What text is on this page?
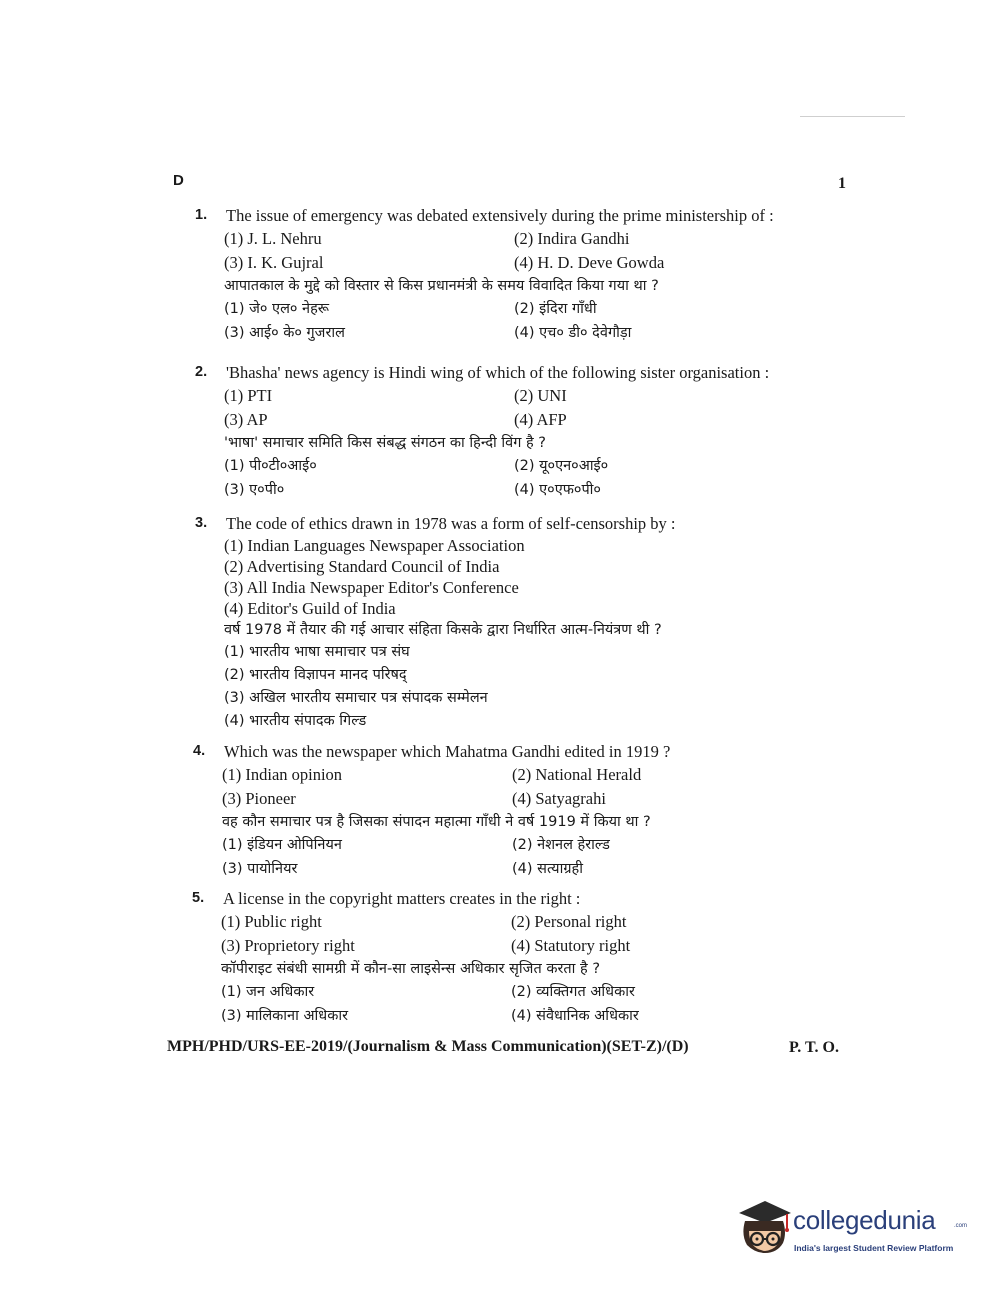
D	1
1. The issue of emergency was debated extensively during the prime ministership of :
(1) J. L. Nehru	(2) Indira Gandhi
(3) I. K. Gujral	(4) H. D. Deve Gowda
आपातकाल के मुद्दे को विस्तार से किस प्रधानमंत्री के समय विवादित किया गया था ?
(1) जे० एल० नेहरू	(2) इंदिरा गाँधी
(3) आई० के० गुजराल	(4) एच० डी० देवेगौड़ा
2. 'Bhasha' news agency is Hindi wing of which of the following sister organisation :
(1) PTI	(2) UNI
(3) AP	(4) AFP
'भाषा' समाचार समिति किस संबद्ध संगठन का हिन्दी विंग है ?
(1) पी०टी०आई०	(2) यू०एन०आई०
(3) ए०पी०	(4) ए०एफ०पी०
3. The code of ethics drawn in 1978 was a form of self-censorship by :
(1) Indian Languages Newspaper Association
(2) Advertising Standard Council of India
(3) All India Newspaper Editor's Conference
(4) Editor's Guild of India
वर्ष 1978 में तैयार की गई आचार संहिता किसके द्वारा निर्धारित आत्म-नियंत्रण थी ?
(1) भारतीय भाषा समाचार पत्र संघ
(2) भारतीय विज्ञापन मानद परिषद्
(3) अखिल भारतीय समाचार पत्र संपादक सम्मेलन
(4) भारतीय संपादक गिल्ड
4. Which was the newspaper which Mahatma Gandhi edited in 1919 ?
(1) Indian opinion	(2) National Herald
(3) Pioneer	(4) Satyagrahi
वह कौन समाचार पत्र है जिसका संपादन महात्मा गाँधी ने वर्ष 1919 में किया था ?
(1) इंडियन ओपिनियन	(2) नेशनल हेराल्ड
(3) पायोनियर	(4) सत्याग्रही
5. A license in the copyright matters creates in the right :
(1) Public right	(2) Personal right
(3) Proprietory right	(4) Statutory right
कॉपीराइट संबंधी सामग्री में कौन-सा लाइसेन्स अधिकार सृजित करता है ?
(1) जन अधिकार	(2) व्यक्तिगत अधिकार
(3) मालिकाना अधिकार	(4) संवैधानिक अधिकार
MPH/PHD/URS-EE-2019/(Journalism & Mass Communication)(SET-Z)/(D)	P. T. O.
collegedunia	.com
India's largest Student Review Platform
